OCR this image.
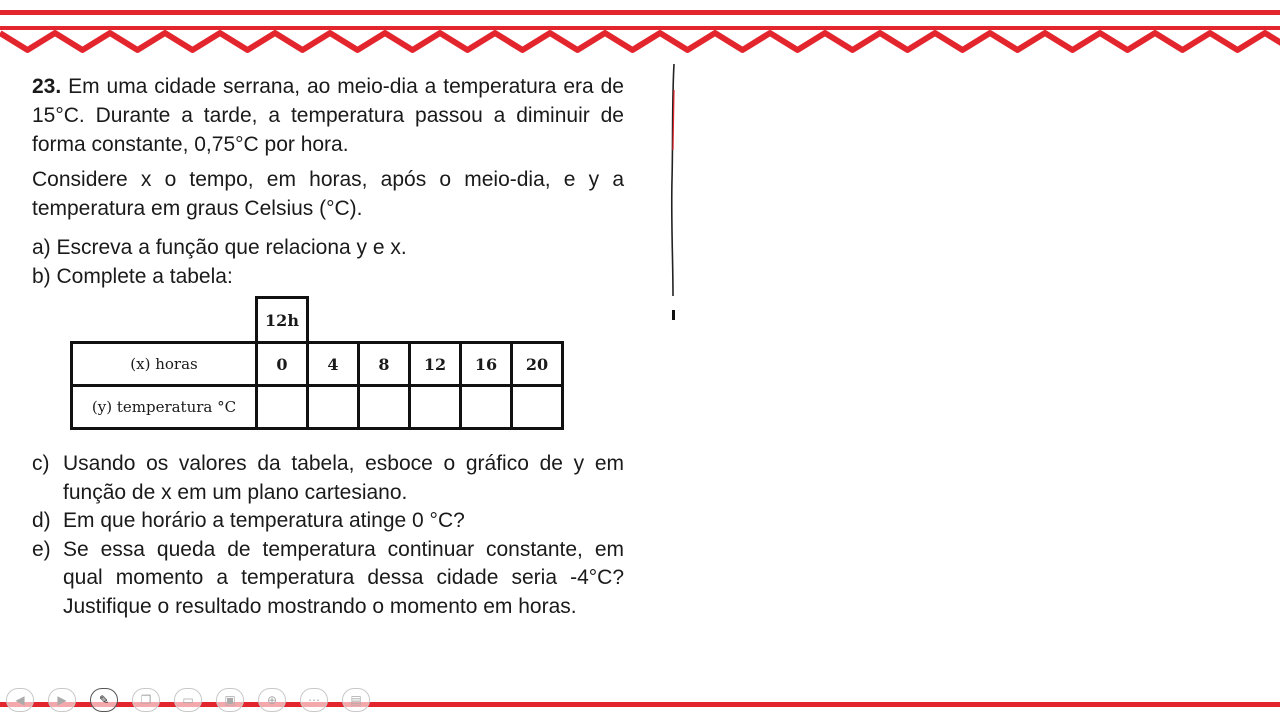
23. Em uma cidade serrana, ao meio-dia a temperatura era de 15°C. Durante a tarde, a temperatura passou a diminuir de forma constante, 0,75°C por hora.

Considere x o tempo, em horas, após o meio-dia, e y a temperatura em graus Celsius (°C).

a) Escreva a função que relaciona y e x.

b) Complete a tabela:

	12h					
(x) horas	0	4	8	12	16	20
(y) temperatura °C						
c) Usando os valores da tabela, esboce o gráfico de y em função de x em um plano cartesiano.
d) Em que horário a temperatura atinge 0 °C?
e) Se essa queda de temperatura continuar constante, em qual momento a temperatura dessa cidade seria -4°C? Justifique o resultado mostrando o momento em horas.
◀	▶	✎	❐	▭	▣	⊕	⋯	▤
